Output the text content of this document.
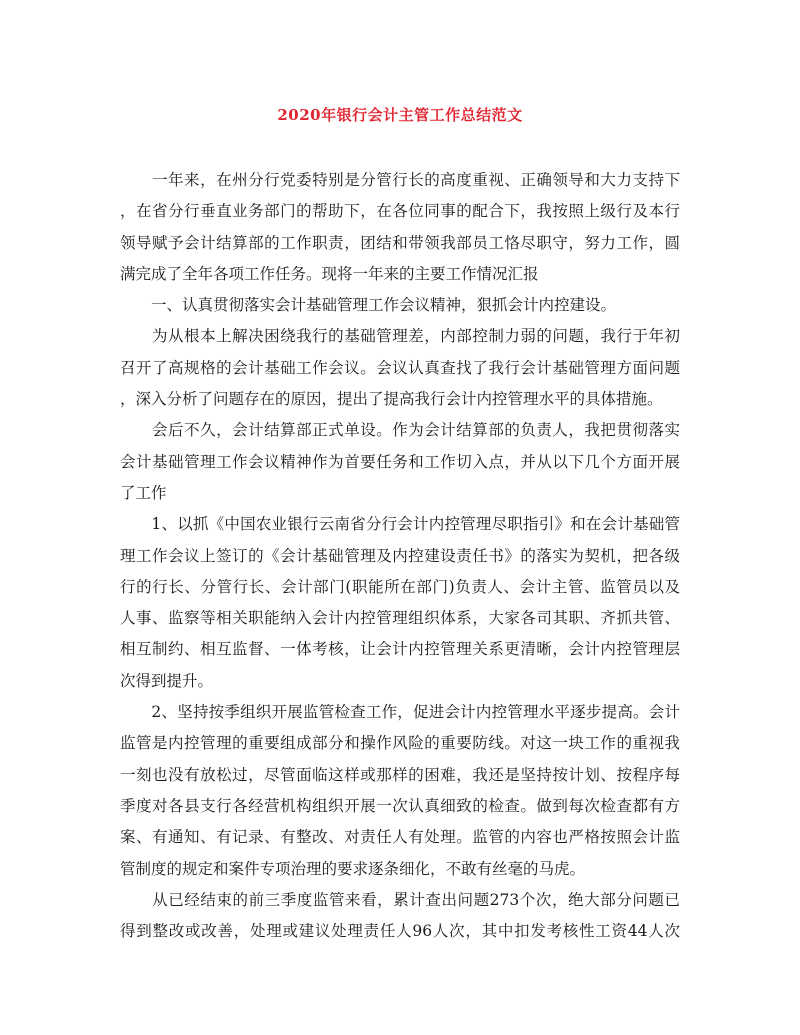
2020年银行会计主管工作总结范文
　　一年来，在州分行党委特别是分管行长的高度重视、正确领导和大力支持下
，在省分行垂直业务部门的帮助下，在各位同事的配合下，我按照上级行及本行
领导赋予会计结算部的工作职责，团结和带领我部员工恪尽职守，努力工作，圆
满完成了全年各项工作任务。现将一年来的主要工作情况汇报
　　一、认真贯彻落实会计基础管理工作会议精神，狠抓会计内控建设。
　　为从根本上解决困绕我行的基础管理差，内部控制力弱的问题，我行于年初
召开了高规格的会计基础工作会议。会议认真查找了我行会计基础管理方面问题
，深入分析了问题存在的原因，提出了提高我行会计内控管理水平的具体措施。
　　会后不久，会计结算部正式单设。作为会计结算部的负责人，我把贯彻落实
会计基础管理工作会议精神作为首要任务和工作切入点，并从以下几个方面开展
了工作
　　1、以抓《中国农业银行云南省分行会计内控管理尽职指引》和在会计基础管
理工作会议上签订的《会计基础管理及内控建设责任书》的落实为契机，把各级
行的行长、分管行长、会计部门(职能所在部门)负责人、会计主管、监管员以及
人事、监察等相关职能纳入会计内控管理组织体系，大家各司其职、齐抓共管、
相互制约、相互监督、一体考核，让会计内控管理关系更清晰，会计内控管理层
次得到提升。
　　2、坚持按季组织开展监管检查工作，促进会计内控管理水平逐步提高。会计
监管是内控管理的重要组成部分和操作风险的重要防线。对这一块工作的重视我
一刻也没有放松过，尽管面临这样或那样的困难，我还是坚持按计划、按程序每
季度对各县支行各经营机构组织开展一次认真细致的检查。做到每次检查都有方
案、有通知、有记录、有整改、对责任人有处理。监管的内容也严格按照会计监
管制度的规定和案件专项治理的要求逐条细化，不敢有丝毫的马虎。
　　从已经结束的前三季度监管来看，累计查出问题273个次，绝大部分问题已
得到整改或改善，处理或建议处理责任人96人次，其中扣发考核性工资44人次
